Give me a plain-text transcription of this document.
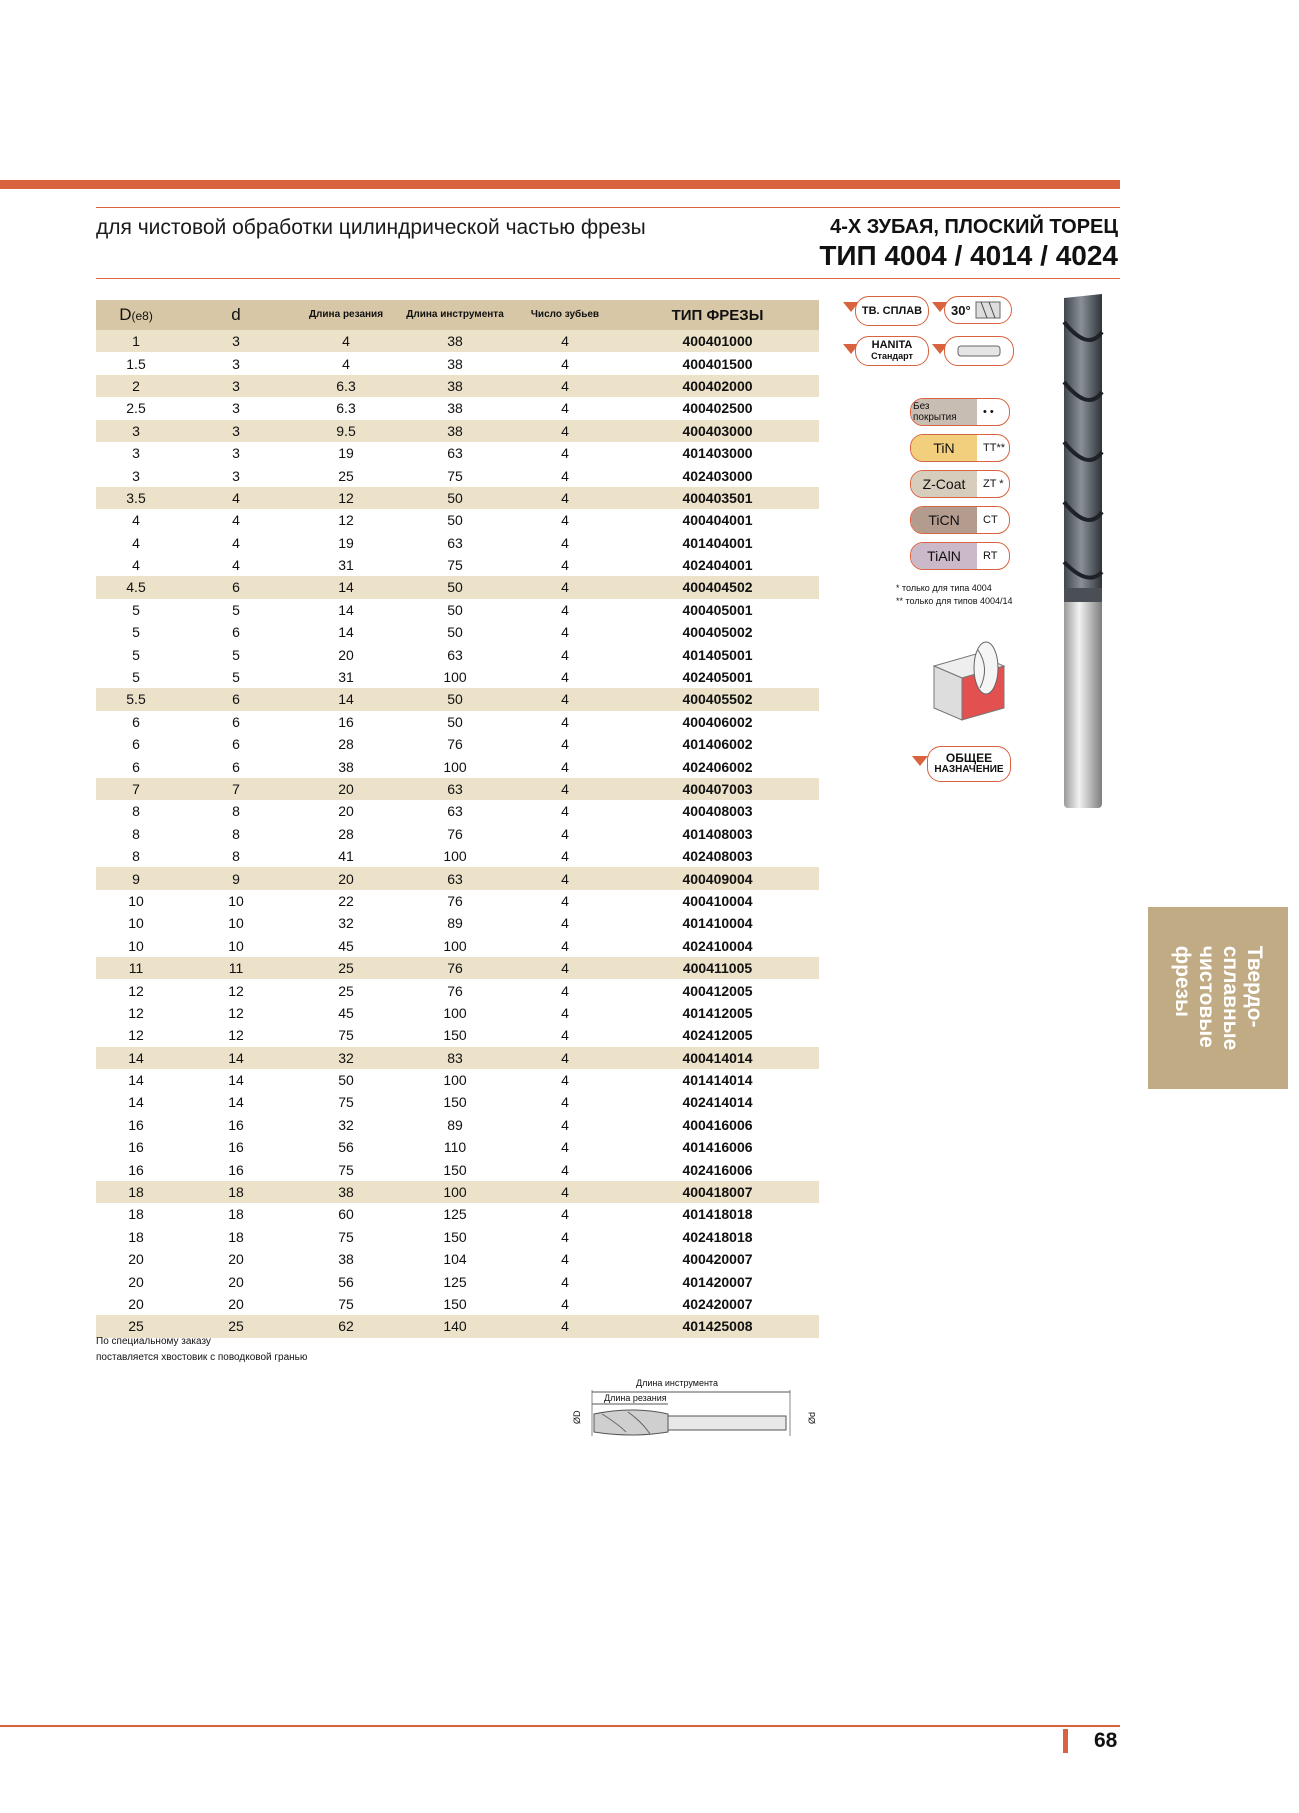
для чистовой обработки цилиндрической частью фрезы	4-Х ЗУБАЯ, ПЛОСКИЙ ТОРЕЦ
ТИП 4004 / 4014 / 4024
D(е8)	d	Длина резания	Длина инструмента	Число зубьев	ТИП ФРЕЗЫ
1	3	4	38	4	400401000
1.5	3	4	38	4	400401500
2	3	6.3	38	4	400402000
2.5	3	6.3	38	4	400402500
3	3	9.5	38	4	400403000
3	3	19	63	4	401403000
3	3	25	75	4	402403000
3.5	4	12	50	4	400403501
4	4	12	50	4	400404001
4	4	19	63	4	401404001
4	4	31	75	4	402404001
4.5	6	14	50	4	400404502
5	5	14	50	4	400405001
5	6	14	50	4	400405002
5	5	20	63	4	401405001
5	5	31	100	4	402405001
5.5	6	14	50	4	400405502
6	6	16	50	4	400406002
6	6	28	76	4	401406002
6	6	38	100	4	402406002
7	7	20	63	4	400407003
8	8	20	63	4	400408003
8	8	28	76	4	401408003
8	8	41	100	4	402408003
9	9	20	63	4	400409004
10	10	22	76	4	400410004
10	10	32	89	4	401410004
10	10	45	100	4	402410004
11	11	25	76	4	400411005
12	12	25	76	4	400412005
12	12	45	100	4	401412005
12	12	75	150	4	402412005
14	14	32	83	4	400414014
14	14	50	100	4	401414014
14	14	75	150	4	402414014
16	16	32	89	4	400416006
16	16	56	110	4	401416006
16	16	75	150	4	402416006
18	18	38	100	4	400418007
18	18	60	125	4	401418018
18	18	75	150	4	402418018
20	20	38	104	4	400420007
20	20	56	125	4	401420007
20	20	75	150	4	402420007
25	25	62	140	4	401425008
По специальному заказу
поставляется хвостовик с поводковой гранью
ТВ. СПЛАВ	30°
HANITA
Стандарт
Без покрытия	• •
TiN	TT**
Z-Coat	ZT *
TiCN	CT
TiAlN	RT
* только для типа 4004
** только для типов 4004/14
ОБЩЕЕ
НАЗНАЧЕНИЕ
Длина инструмента
Длина резания
ØD	Ød
Твердо-
сплавные
чистовые
фрезы
68
